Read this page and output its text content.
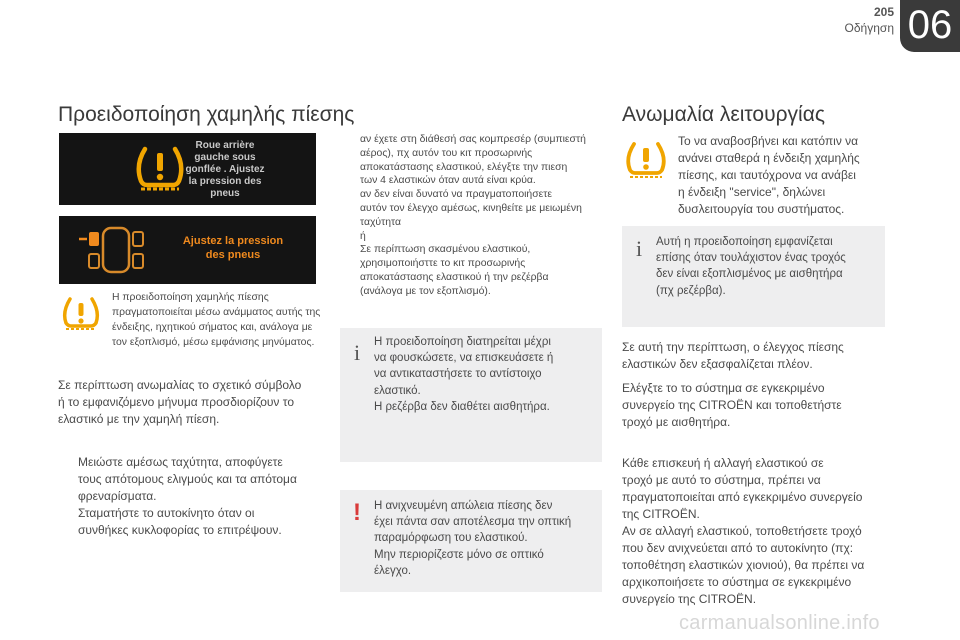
205
Οδήγηση 06
Προειδοποίηση χαμηλής πίεσης
Roue arrière
gauche sous
gonflée . Ajustez
la pression des
pneus
Ajustez la pression
des pneus
Η προειδοποίηση χαμηλής πίεσης
πραγματοποιείται μέσω ανάμματος αυτής της
ένδειξης, ηχητικού σήματος και, ανάλογα με
τον εξοπλισμό, μέσω εμφάνισης μηνύματος.
Σε περίπτωση ανωμαλίας το σχετικό σύμβολο
ή το εμφανιζόμενο μήνυμα προσδιορίζουν το
ελαστικό με την χαμηλή πίεση.
Μειώστε αμέσως ταχύτητα, αποφύγετε
τους απότομους ελιγμούς και τα απότομα
φρεναρίσματα.
Σταματήστε το αυτοκίνητο όταν οι
συνθήκες κυκλοφορίας το επιτρέψουν.
αν έχετε στη διάθεσή σας κομπρεσέρ (συμπιεστή
αέρος), πχ αυτόν του κιτ προσωρινής
αποκατάστασης ελαστικού, ελέγξτε την πιεση
των 4 ελαστικών όταν αυτά είναι κρύα.
αν δεν είναι δυνατό να πραγματοποιήσετε
αυτόν τον έλεγχο αμέσως, κινηθείτε με μειωμένη
ταχύτητα
ή
Σε περίπτωση σκασμένου ελαστικού,
χρησιμοποιήσττε το κιτ προσωρινής
αποκατάστασης ελαστικού ή την ρεζέρβα
(ανάλογα με τον εξοπλισμό).
i Η προειδοποίηση διατηρείται μέχρι
να φουσκώσετε, να επισκευάσετε ή
να αντικαταστήσετε το αντίστοιχο
ελαστικό.
Η ρεζέρβα δεν διαθέτει αισθητήρα.
! Η ανιχνευμένη απώλεια πίεσης δεν
έχει πάντα σαν αποτέλεσμα την οπτική
παραμόρφωση του ελαστικού.
Μην περιορίζεστε μόνο σε οπτικό
έλεγχο.
Ανωμαλία λειτουργίας
Το να αναβοσβήνει και κατόπιν να
ανάνει σταθερά η ένδειξη χαμηλής
πίεσης, και ταυτόχρονα να ανάβει
η ένδειξη "service", δηλώνει
δυσλειτουργία του συστήματος.
i Αυτή η προειδοποίηση εμφανίζεται
επίσης όταν τουλάχιστον ένας τροχός
δεν είναι εξοπλισμένος με αισθητήρα
(πχ ρεζέρβα).
Σε αυτή την περίπτωση, ο έλεγχος πίεσης
ελαστικών δεν εξασφαλίζεται πλέον.
Ελέγξτε το το σύστημα σε εγκεκριμένο
συνεργείο της CITROËN και τοποθετήστε
τροχό με αισθητήρα.
Κάθε επισκευή ή αλλαγή ελαστικού σε
τροχό με αυτό το σύστημα, πρέπει να
πραγματοποιείται από εγκεκριμένο συνεργείο
της CITROËN.
Αν σε αλλαγή ελαστικού, τοποθετήσετε τροχό
που δεν ανιχνεύεται από το αυτοκίνητο (πχ:
τοποθέτηση ελαστικών χιονιού), θα πρέπει να
αρχικοποιήσετε το σύστημα σε εγκεκριμένο
συνεργείο της CITROËN.
carmanualsonline.info
